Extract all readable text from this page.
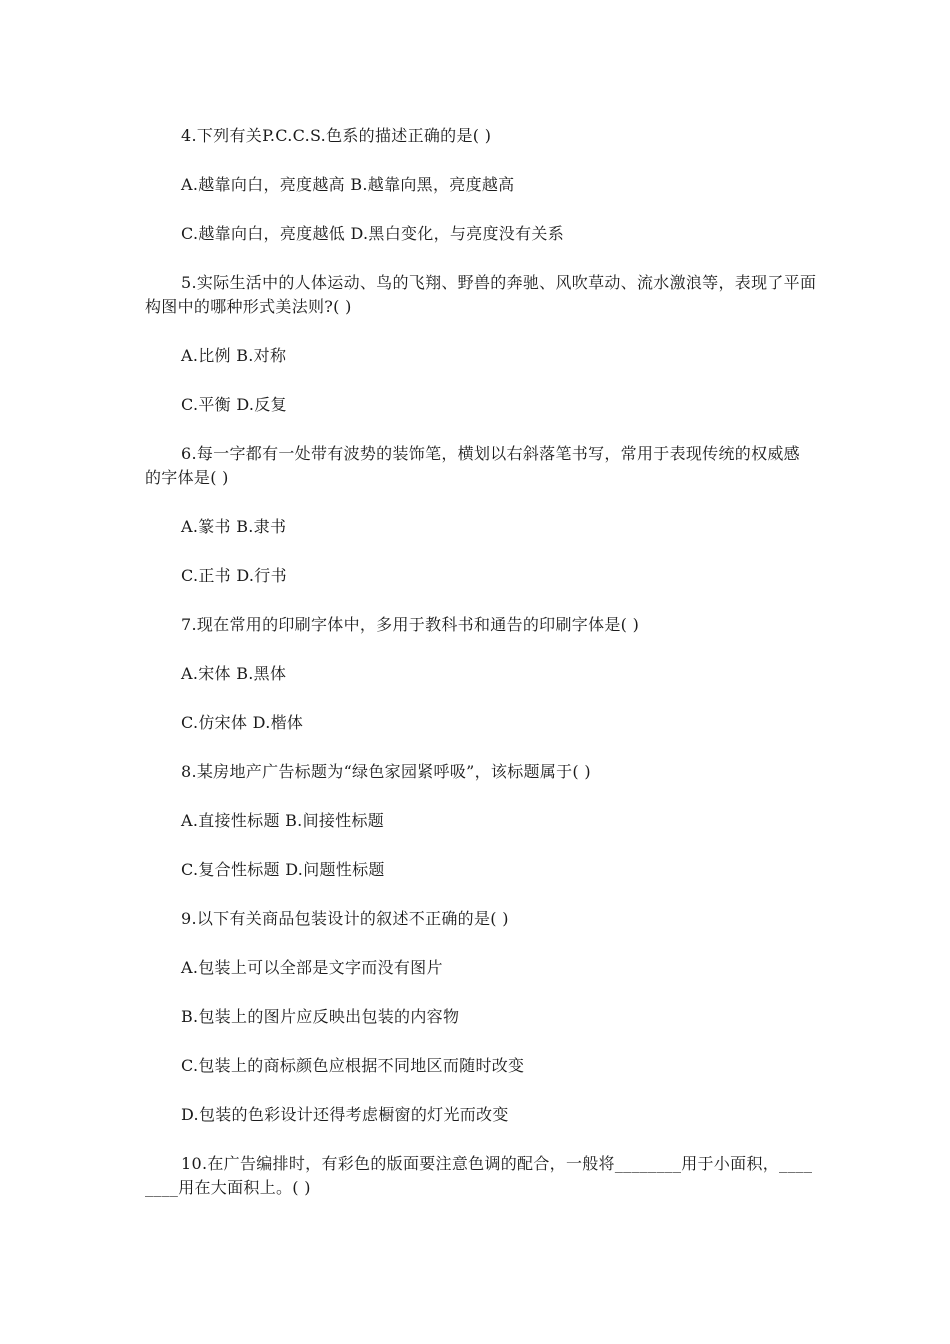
4.下列有关P.C.C.S.色系的描述正确的是( )
A.越靠向白，亮度越高 B.越靠向黑，亮度越高
C.越靠向白，亮度越低 D.黑白变化，与亮度没有关系
5.实际生活中的人体运动、鸟的飞翔、野兽的奔驰、风吹草动、流水激浪等，表现了平面
构图中的哪种形式美法则?( )
A.比例 B.对称
C.平衡 D.反复
6.每一字都有一处带有波势的装饰笔，横划以右斜落笔书写，常用于表现传统的权威感
的字体是( )
A.篆书 B.隶书
C.正书 D.行书
7.现在常用的印刷字体中，多用于教科书和通告的印刷字体是( )
A.宋体 B.黑体
C.仿宋体 D.楷体
8.某房地产广告标题为“绿色家园紧呼吸”，该标题属于( )
A.直接性标题 B.间接性标题
C.复合性标题 D.问题性标题
9.以下有关商品包装设计的叙述不正确的是( )
A.包装上可以全部是文字而没有图片
B.包装上的图片应反映出包装的内容物
C.包装上的商标颜色应根据不同地区而随时改变
D.包装的色彩设计还得考虑橱窗的灯光而改变
10.在广告编排时，有彩色的版面要注意色调的配合，一般将________用于小面积，____
____用在大面积上。( )
